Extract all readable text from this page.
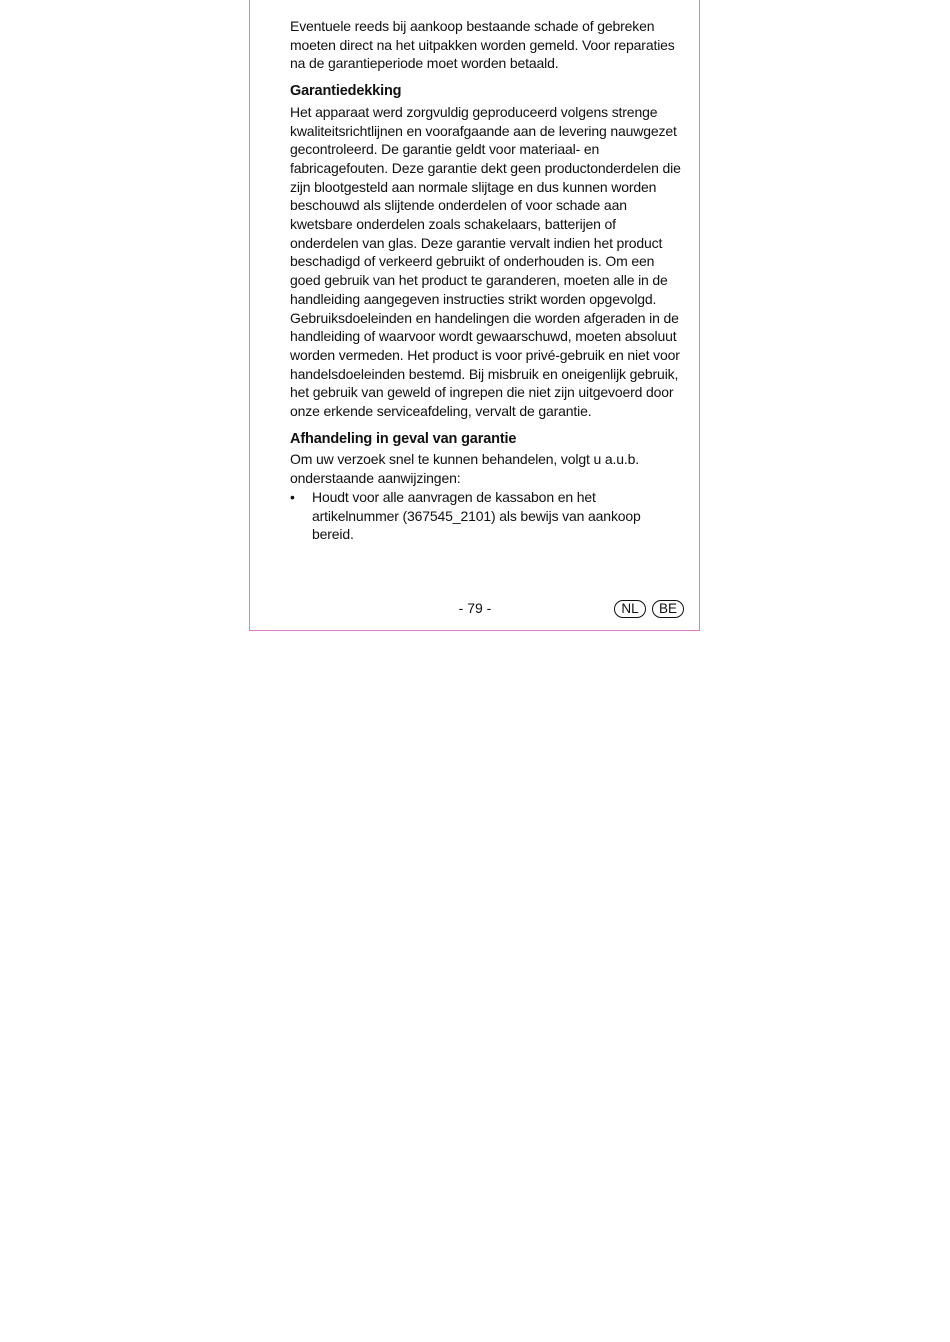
Eventuele reeds bij aankoop bestaande schade of gebreken moeten direct na het uitpakken worden gemeld. Voor reparaties na de garantieperiode moet worden betaald.

Garantiedekking

Het apparaat werd zorgvuldig geproduceerd volgens strenge kwaliteitsrichtlijnen en voorafgaande aan de levering nauwgezet gecontroleerd. De garantie geldt voor materiaal- en fabricagefouten. Deze garantie dekt geen productonderdelen die zijn blootgesteld aan normale slijtage en dus kunnen worden beschouwd als slijtende onderdelen of voor schade aan kwetsbare onderdelen zoals schakelaars, batterijen of onderdelen van glas. Deze garantie vervalt indien het product beschadigd of verkeerd gebruikt of onderhouden is. Om een goed gebruik van het product te garanderen, moeten alle in de handleiding aangegeven instructies strikt worden opgevolgd. Gebruiksdoeleinden en handelingen die worden afgeraden in de handleiding of waarvoor wordt gewaarschuwd, moeten absoluut worden vermeden. Het product is voor privé-gebruik en niet voor handelsdoeleinden bestemd. Bij misbruik en oneigenlijk gebruik, het gebruik van geweld of ingrepen die niet zijn uitgevoerd door onze erkende serviceafdeling, vervalt de garantie.

Afhandeling in geval van garantie

Om uw verzoek snel te kunnen behandelen, volgt u a.u.b. onderstaande aanwijzingen:

• Houdt voor alle aanvragen de kassabon en het artikelnummer (367545_2101) als bewijs van aankoop bereid.
- 79 -	NL	BE
